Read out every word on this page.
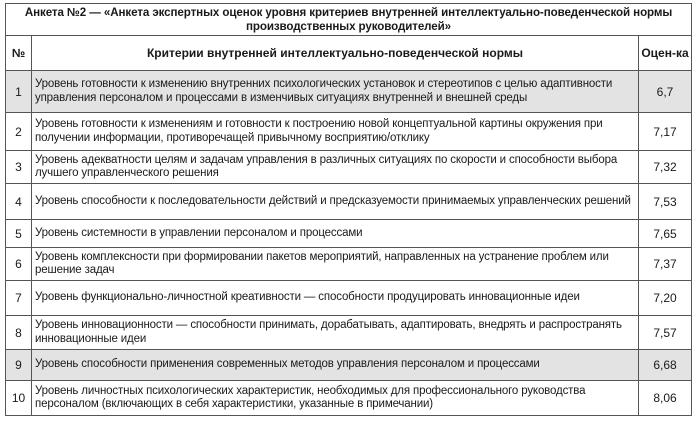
Анкета №2 — «Анкета экспертных оценок уровня критериев внутренней интеллектуально-поведенческой нормы производственных руководителей»		
№	Критерии внутренней интеллектуально-поведенческой нормы	Оцен-ка
1	Уровень готовности к изменению внутренних психологических установок и стереотипов с целью адаптивности управления персоналом и процессами в изменчивых ситуациях внутренней и внешней среды	6,7
2	Уровень готовности к изменениям и готовности к построению новой концептуальной картины окружения при получении информации, противоречащей привычному восприятию/отклику	7,17
3	Уровень адекватности целям и задачам управления в различных ситуациях по скорости и способности выбора лучшего управленческого решения	7,32
4	Уровень способности к последовательности действий и предсказуемости принимаемых управленческих решений	7,53
5	Уровень системности в управлении персоналом и процессами	7,65
6	Уровень комплексности при формировании пакетов мероприятий, направленных на устранение проблем или решение задач	7,37
7	Уровень функционально-личностной креативности — способности продуцировать инновационные идеи	7,20
8	Уровень инновационности — способности принимать, дорабатывать, адаптировать, внедрять и распространять инновационные идеи	7,57
9	Уровень способности применения современных методов управления персоналом и процессами	6,68
10	Уровень личностных психологических характеристик, необходимых для профессионального руководства персоналом (включающих в себя характеристики, указанные в примечании)	8,06
